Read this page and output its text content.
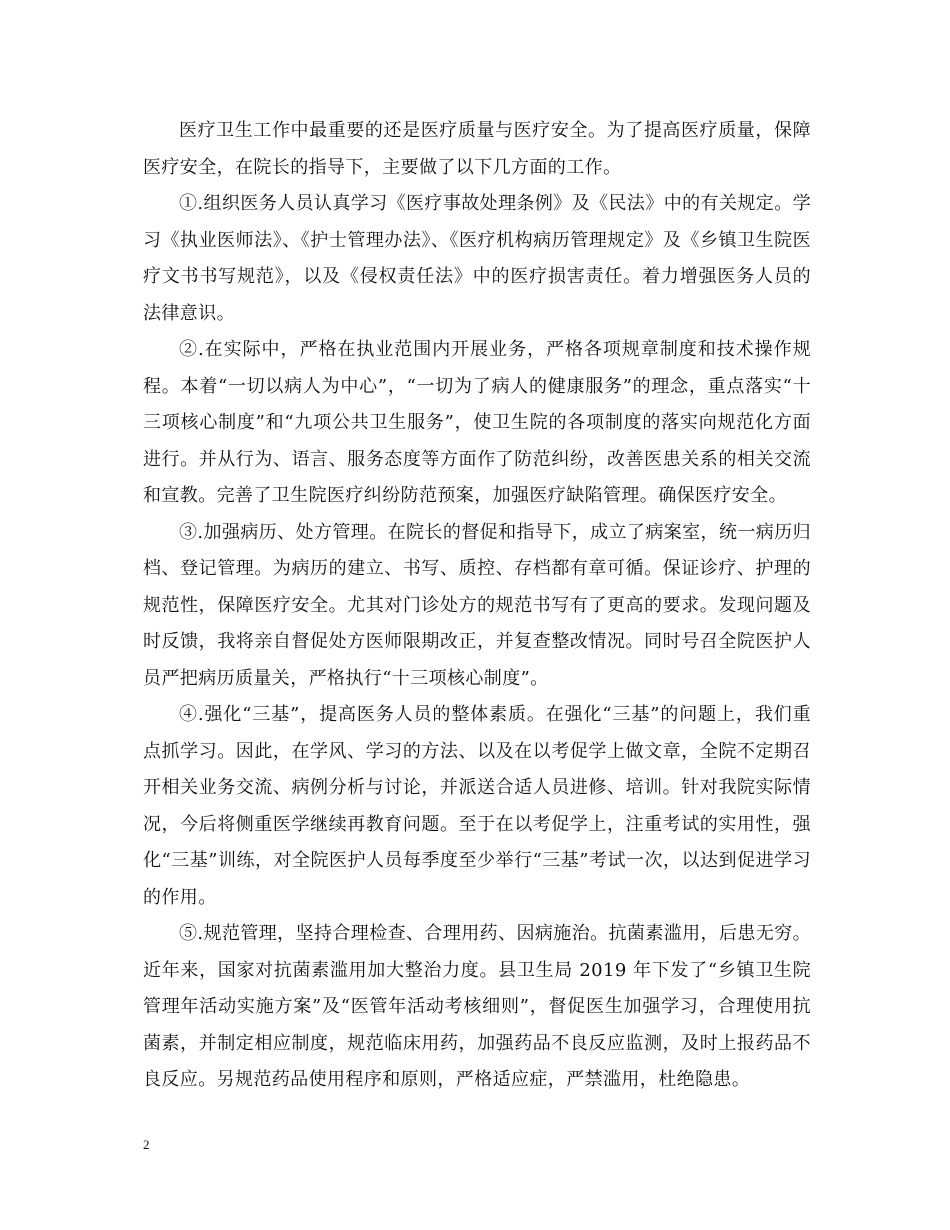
医疗卫生工作中最重要的还是医疗质量与医疗安全。为了提高医疗质量，保障医疗安全，在院长的指导下，主要做了以下几方面的工作。

①.组织医务人员认真学习《医疗事故处理条例》及《民法》中的有关规定。学习《执业医师法》、《护士管理办法》、《医疗机构病历管理规定》及《乡镇卫生院医疗文书书写规范》，以及《侵权责任法》中的医疗损害责任。着力增强医务人员的法律意识。

②.在实际中，严格在执业范围内开展业务，严格各项规章制度和技术操作规程。本着“一切以病人为中心”，“一切为了病人的健康服务”的理念，重点落实“十三项核心制度”和“九项公共卫生服务”，使卫生院的各项制度的落实向规范化方面进行。并从行为、语言、服务态度等方面作了防范纠纷，改善医患关系的相关交流和宣教。完善了卫生院医疗纠纷防范预案，加强医疗缺陷管理。确保医疗安全。

③.加强病历、处方管理。在院长的督促和指导下，成立了病案室，统一病历归档、登记管理。为病历的建立、书写、质控、存档都有章可循。保证诊疗、护理的规范性，保障医疗安全。尤其对门诊处方的规范书写有了更高的要求。发现问题及时反馈，我将亲自督促处方医师限期改正，并复查整改情况。同时号召全院医护人员严把病历质量关，严格执行“十三项核心制度”。

④.强化“三基”，提高医务人员的整体素质。在强化“三基”的问题上，我们重点抓学习。因此，在学风、学习的方法、以及在以考促学上做文章，全院不定期召开相关业务交流、病例分析与讨论，并派送合适人员进修、培训。针对我院实际情况，今后将侧重医学继续再教育问题。至于在以考促学上，注重考试的实用性，强化“三基”训练，对全院医护人员每季度至少举行“三基”考试一次，以达到促进学习的作用。

⑤.规范管理，坚持合理检查、合理用药、因病施治。抗菌素滥用，后患无穷。近年来，国家对抗菌素滥用加大整治力度。县卫生局 2019 年下发了“乡镇卫生院管理年活动实施方案”及“医管年活动考核细则”，督促医生加强学习，合理使用抗菌素，并制定相应制度，规范临床用药，加强药品不良反应监测，及时上报药品不良反应。另规范药品使用程序和原则，严格适应症，严禁滥用，杜绝隐患。

2
